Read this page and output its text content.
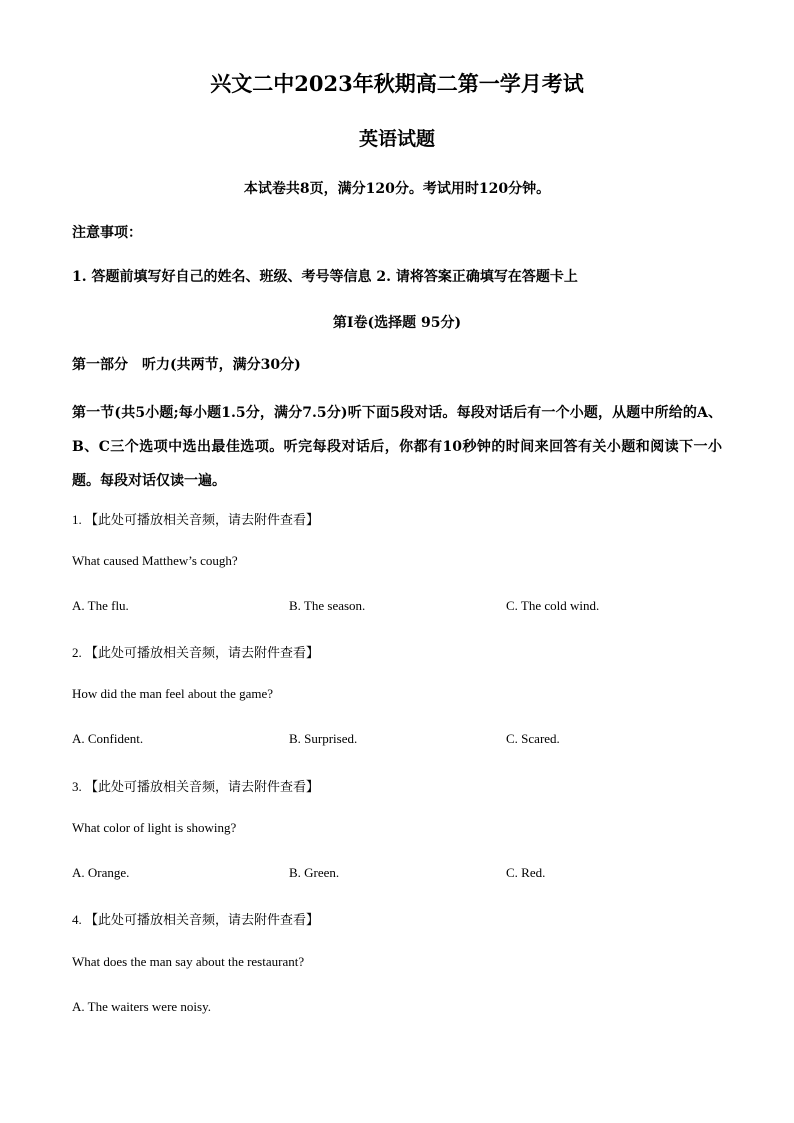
兴文二中2023年秋期高二第一学月考试
英语试题
本试卷共8页，满分120分。考试用时120分钟。
注意事项：
1. 答题前填写好自己的姓名、班级、考号等信息 2. 请将答案正确填写在答题卡上
第I卷(选择题 95分)
第一部分　听力(共两节，满分30分)
第一节(共5小题;每小题1.5分，满分7.5分)听下面5段对话。每段对话后有一个小题，从题中所给的A、B、C三个选项中选出最佳选项。听完每段对话后，你都有10秒钟的时间来回答有关小题和阅读下一小题。每段对话仅读一遍。
1. 【此处可播放相关音频，请去附件查看】
What caused Matthew’s cough?
A. The flu.	B. The season.	C. The cold wind.
2. 【此处可播放相关音频，请去附件查看】
How did the man feel about the game?
A. Confident.	B. Surprised.	C. Scared.
3. 【此处可播放相关音频，请去附件查看】
What color of light is showing?
A. Orange.	B. Green.	C. Red.
4. 【此处可播放相关音频，请去附件查看】
What does the man say about the restaurant?
A. The waiters were noisy.
